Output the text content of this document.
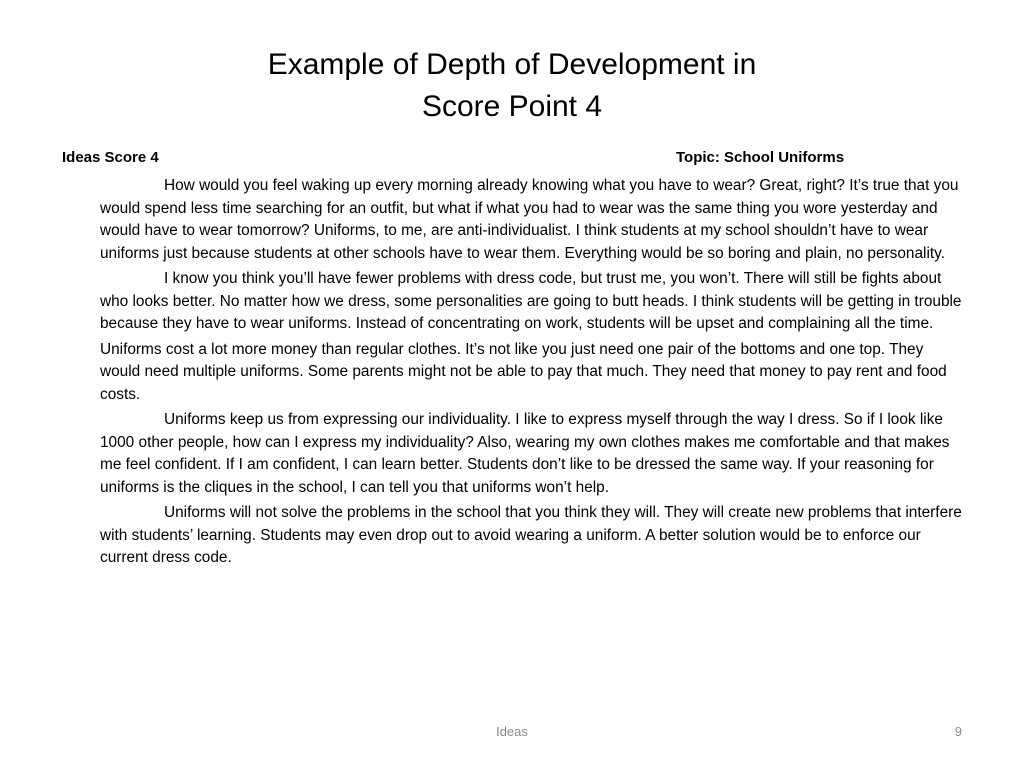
Example of Depth of Development in
Score Point 4
Ideas Score 4	Topic: School Uniforms

How would you feel waking up every morning already knowing what you have to wear? Great, right? It’s true that you would spend less time searching for an outfit, but what if what you had to wear was the same thing you wore yesterday and would have to wear tomorrow? Uniforms, to me, are anti-individualist. I think students at my school shouldn’t have to wear uniforms just because students at other schools have to wear them. Everything would be so boring and plain, no personality.

I know you think you’ll have fewer problems with dress code, but trust me, you won’t. There will still be fights about who looks better. No matter how we dress, some personalities are going to butt heads. I think students will be getting in trouble because they have to wear uniforms. Instead of concentrating on work, students will be upset and complaining all the time.

Uniforms cost a lot more money than regular clothes. It’s not like you just need one pair of the bottoms and one top. They would need multiple uniforms. Some parents might not be able to pay that much. They need that money to pay rent and food costs.

Uniforms keep us from expressing our individuality. I like to express myself through the way I dress. So if I look like 1000 other people, how can I express my individuality? Also, wearing my own clothes makes me comfortable and that makes me feel confident. If I am confident, I can learn better. Students don’t like to be dressed the same way. If your reasoning for uniforms is the cliques in the school, I can tell you that uniforms won’t help.

Uniforms will not solve the problems in the school that you think they will. They will create new problems that interfere with students’ learning. Students may even drop out to avoid wearing a uniform. A better solution would be to enforce our current dress code.

Ideas	9
